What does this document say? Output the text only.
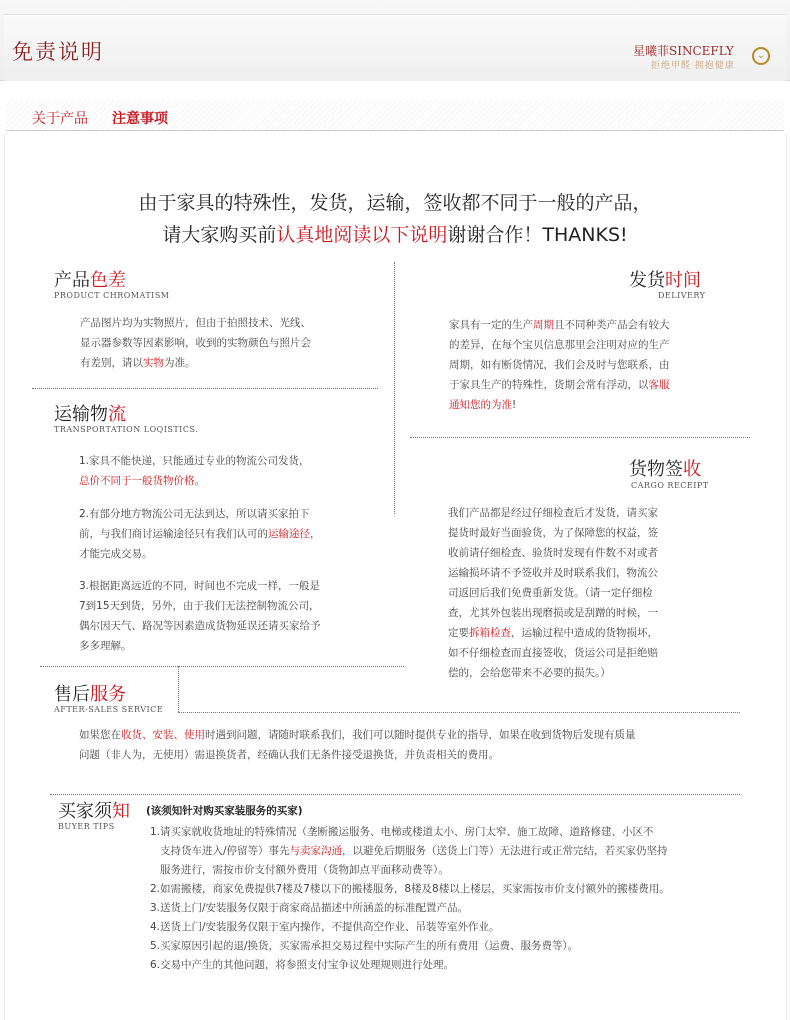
免责说明	星曦菲SINCEFLY
拒绝甲醛 拥抱健康
⌄
关于产品 注意事项
由于家具的特殊性，发货，运输，签收都不同于一般的产品，
请大家购买前认真地阅读以下说明谢谢合作！THANKS!
产品色差
PRODUCT CHROMATISM
产品图片均为实物照片，但由于拍照技术、光线、
显示器参数等因素影响，收到的实物颜色与照片会
有差别，请以实物为准。
发货时间
DELIVERY
家具有一定的生产周期且不同种类产品会有较大
的差异，在每个宝贝信息那里会注明对应的生产
周期，如有断货情况，我们会及时与您联系，由
于家具生产的特殊性，货期会常有浮动，以客服
通知您的为准!
运输物流
TRANSPORTATION LOQISTICS.
1.家具不能快递，只能通过专业的物流公司发货，
总价不同于一般货物价格。
2.有部分地方物流公司无法到达，所以请买家拍下
前，与我们商讨运输途径只有我们认可的运输途径，
才能完成交易。
3.根据距离远近的不同，时间也不完成一样，一般是
7到15天到货，另外，由于我们无法控制物流公司，
偶尔因天气、路况等因素造成货物延误还请买家给予
多多理解。
货物签收
CARGO RECEIPT
我们产品都是经过仔细检查后才发货，请买家
提货时最好当面验货，为了保障您的权益，签
收前请仔细检查、验货时发现有件数不对或者
运输损坏请不予签收并及时联系我们，物流公
司返回后我们免费重新发货。（请一定仔细检
查，尤其外包装出现磨损或是刮蹭的时候，一
定要拆箱检查，运输过程中造成的货物损坏，
如不仔细检查而直接签收，货运公司是拒绝赔
偿的，会给您带来不必要的损失。）
售后服务
AFTER-SALES SERVICE
如果您在收货、安装、使用时遇到问题，请随时联系我们，我们可以随时提供专业的指导，如果在收到货物后发现有质量
问题（非人为，无使用）需退换货者，经确认我们无条件接受退换货，并负责相关的费用。
买家须知
BUYER TIPS
(该须知针对购买家装服务的买家)
1.请买家就收货地址的特殊情况（垄断搬运服务、电梯或楼道太小、房门太窄、施工故障、道路修建、小区不
支持货车进入/停留等）事先与卖家沟通，以避免后期服务（送货上门等）无法进行或正常完结，若买家仍坚持
服务进行，需按市价支付额外费用（货物卸点平面移动费等）。
2.如需搬楼，商家免费提供7楼及7楼以下的搬楼服务，8楼及8楼以上楼层，买家需按市价支付额外的搬楼费用。
3.送货上门/安装服务仅限于商家商品描述中所涵盖的标准配置产品。
4.送货上门/安装服务仅限于室内操作，不提供高空作业、吊装等室外作业。
5.买家原因引起的退/换货，买家需承担交易过程中实际产生的所有费用（运费、服务费等）。
6.交易中产生的其他问题，将参照支付宝争议处理规则进行处理。
